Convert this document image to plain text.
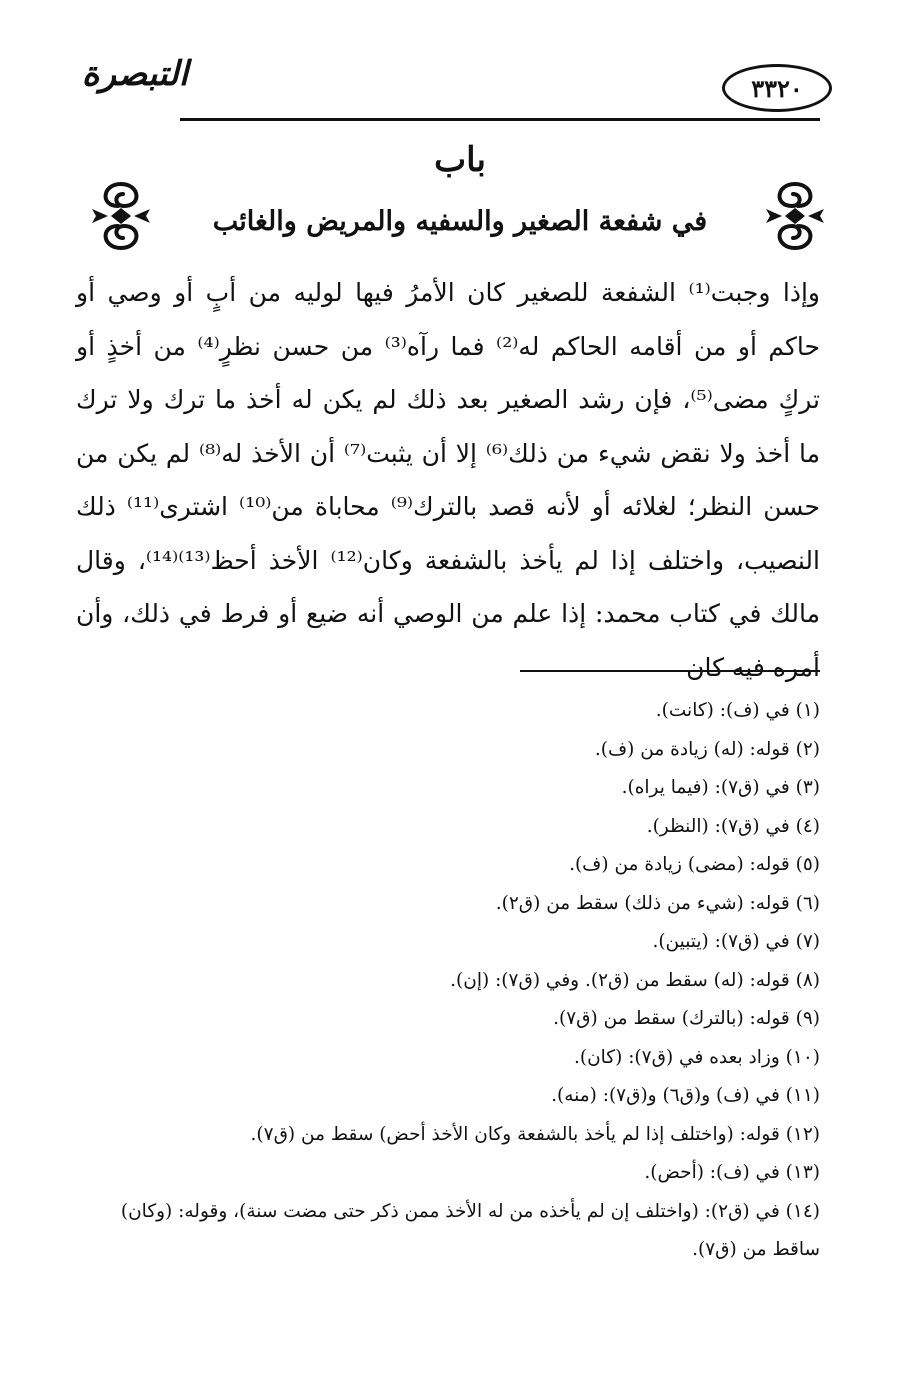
٣٣٢٠
التبصرة
باب
في شفعة الصغير والسفيه والمريض والغائب

وإذا وجبت⁽¹⁾ الشفعة للصغير كان الأمرُ فيها لوليه من أبٍ أو وصي أو حاكم أو من أقامه الحاكم له⁽²⁾ فما رآه⁽³⁾ من حسن نظرٍ⁽⁴⁾ من أخذٍ أو تركٍ مضى⁽⁵⁾، فإن رشد الصغير بعد ذلك لم يكن له أخذ ما ترك ولا ترك ما أخذ ولا نقض شيء من ذلك⁽⁶⁾ إلا أن يثبت⁽⁷⁾ أن الأخذ له⁽⁸⁾ لم يكن من حسن النظر؛ لغلائه أو لأنه قصد بالترك⁽⁹⁾ محاباة من⁽¹⁰⁾ اشترى⁽¹¹⁾ ذلك النصيب، واختلف إذا لم يأخذ بالشفعة وكان⁽¹²⁾ الأخذ أحظ⁽¹³⁾⁽¹⁴⁾، وقال مالك في كتاب محمد: إذا علم من الوصي أنه ضيع أو فرط في ذلك، وأن أمره فيه كان

(١) في (ف): (كانت).
(٢) قوله: (له) زيادة من (ف).
(٣) في (ق٧): (فيما يراه).
(٤) في (ق٧): (النظر).
(٥) قوله: (مضى) زيادة من (ف).
(٦) قوله: (شيء من ذلك) سقط من (ق٢).
(٧) في (ق٧): (يتبين).
(٨) قوله: (له) سقط من (ق٢). وفي (ق٧): (إن).
(٩) قوله: (بالترك) سقط من (ق٧).
(١٠) وزاد بعده في (ق٧): (كان).
(١١) في (ف) و(ق٦) و(ق٧): (منه).
(١٢) قوله: (واختلف إذا لم يأخذ بالشفعة وكان الأخذ أحض) سقط من (ق٧).
(١٣) في (ف): (أحض).
(١٤) في (ق٢): (واختلف إن لم يأخذه من له الأخذ ممن ذكر حتى مضت سنة)، وقوله: (وكان) ساقط من (ق٧).
